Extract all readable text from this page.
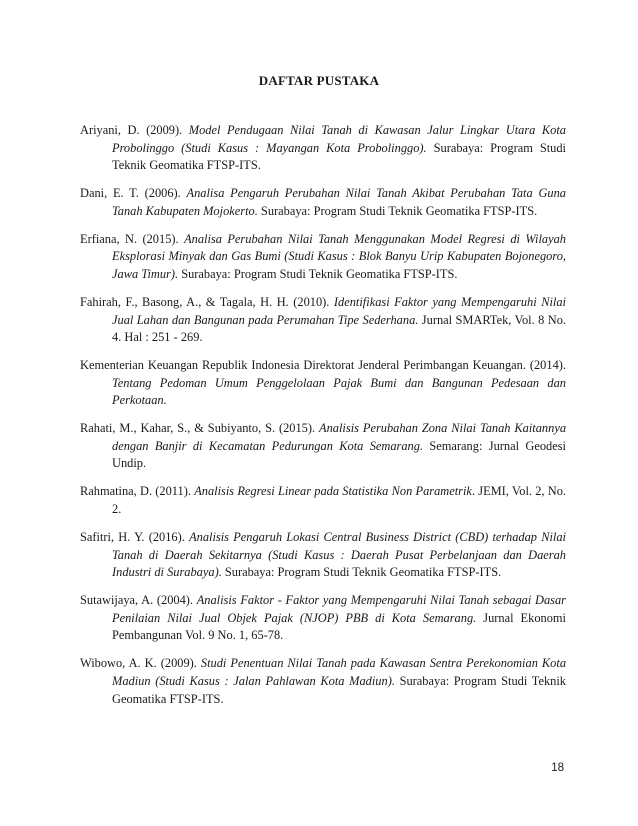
DAFTAR PUSTAKA

Ariyani, D. (2009). Model Pendugaan Nilai Tanah di Kawasan Jalur Lingkar Utara Kota Probolinggo (Studi Kasus : Mayangan Kota Probolinggo). Surabaya: Program Studi Teknik Geomatika FTSP-ITS.

Dani, E. T. (2006). Analisa Pengaruh Perubahan Nilai Tanah Akibat Perubahan Tata Guna Tanah Kabupaten Mojokerto. Surabaya: Program Studi Teknik Geomatika FTSP-ITS.

Erfiana, N. (2015). Analisa Perubahan Nilai Tanah Menggunakan Model Regresi di Wilayah Eksplorasi Minyak dan Gas Bumi (Studi Kasus : Blok Banyu Urip Kabupaten Bojonegoro, Jawa Timur). Surabaya: Program Studi Teknik Geomatika FTSP-ITS.

Fahirah, F., Basong, A., & Tagala, H. H. (2010). Identifikasi Faktor yang Mempengaruhi Nilai Jual Lahan dan Bangunan pada Perumahan Tipe Sederhana. Jurnal SMARTek, Vol. 8 No. 4. Hal : 251 - 269.

Kementerian Keuangan Republik Indonesia Direktorat Jenderal Perimbangan Keuangan. (2014). Tentang Pedoman Umum Penggelolaan Pajak Bumi dan Bangunan Pedesaan dan Perkotaan.

Rahati, M., Kahar, S., & Subiyanto, S. (2015). Analisis Perubahan Zona Nilai Tanah Kaitannya dengan Banjir di Kecamatan Pedurungan Kota Semarang. Semarang: Jurnal Geodesi Undip.

Rahmatina, D. (2011). Analisis Regresi Linear pada Statistika Non Parametrik. JEMI, Vol. 2, No. 2.

Safitri, H. Y. (2016). Analisis Pengaruh Lokasi Central Business District (CBD) terhadap Nilai Tanah di Daerah Sekitarnya (Studi Kasus : Daerah Pusat Perbelanjaan dan Daerah Industri di Surabaya). Surabaya: Program Studi Teknik Geomatika FTSP-ITS.

Sutawijaya, A. (2004). Analisis Faktor - Faktor yang Mempengaruhi Nilai Tanah sebagai Dasar Penilaian Nilai Jual Objek Pajak (NJOP) PBB di Kota Semarang. Jurnal Ekonomi Pembangunan Vol. 9 No. 1, 65-78.

Wibowo, A. K. (2009). Studi Penentuan Nilai Tanah pada Kawasan Sentra Perekonomian Kota Madiun (Studi Kasus : Jalan Pahlawan Kota Madiun). Surabaya: Program Studi Teknik Geomatika FTSP-ITS.

18
